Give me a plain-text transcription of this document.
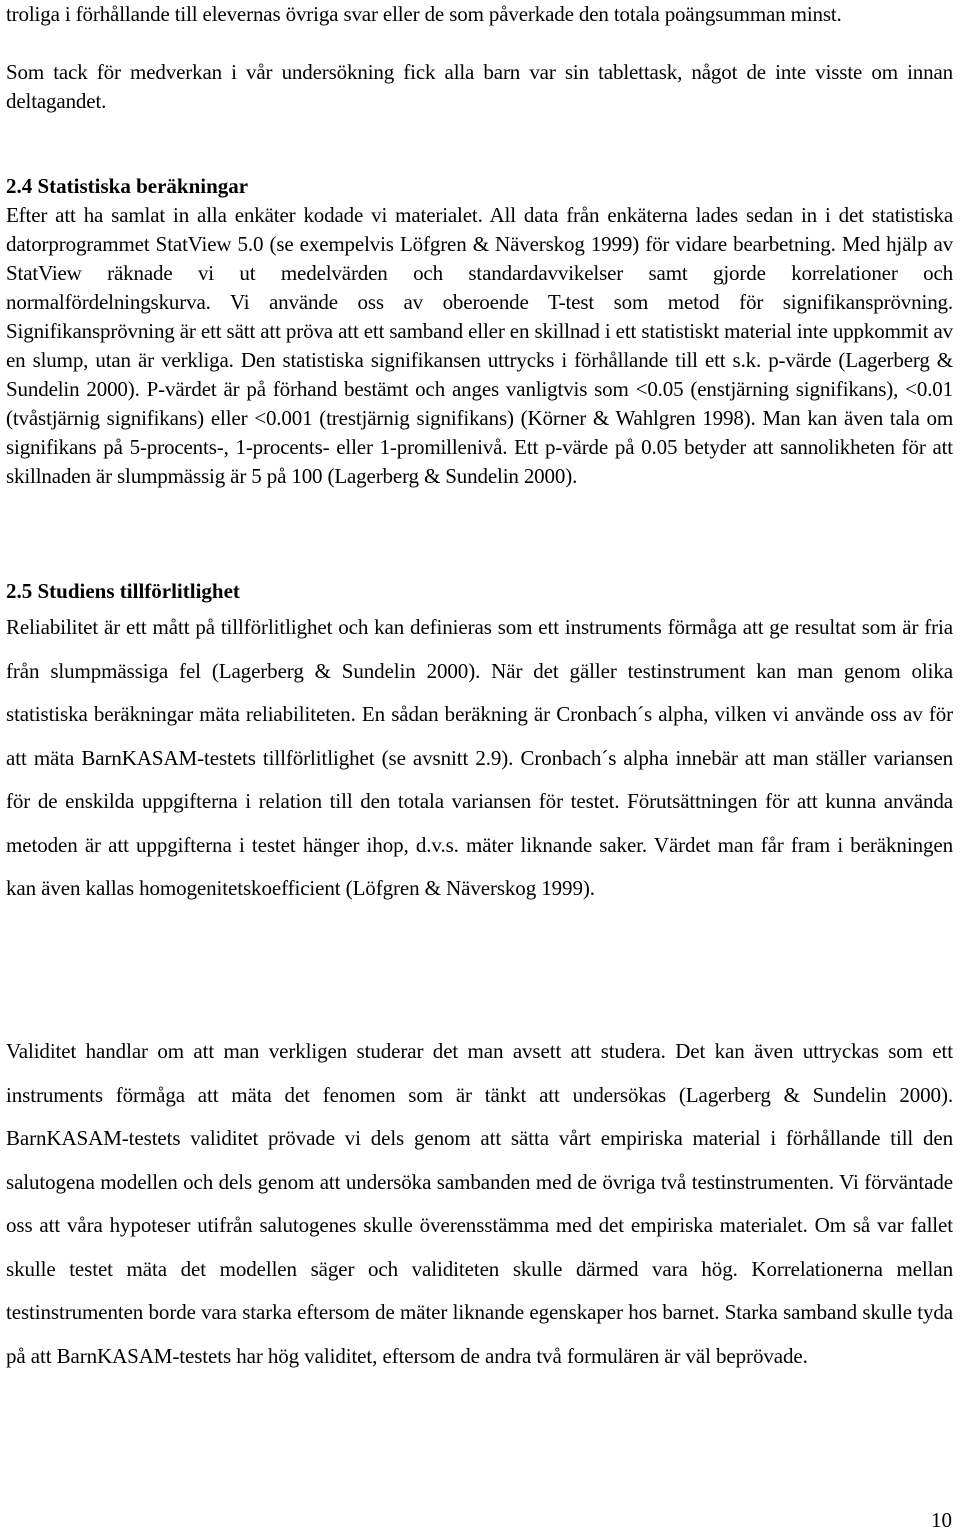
troliga i förhållande till elevernas övriga svar eller de som påverkade den totala poängsumman minst.

Som tack för medverkan i vår undersökning fick alla barn var sin tablettask, något de inte visste om innan deltagandet.

2.4 Statistiska beräkningar

Efter att ha samlat in alla enkäter kodade vi materialet. All data från enkäterna lades sedan in i det statistiska datorprogrammet StatView 5.0 (se exempelvis Löfgren & Näverskog 1999) för vidare bearbetning. Med hjälp av StatView räknade vi ut medelvärden och standardavvikelser samt gjorde korrelationer och normalfördelningskurva. Vi använde oss av oberoende T-test som metod för signifikansprövning. Signifikansprövning är ett sätt att pröva att ett samband eller en skillnad i ett statistiskt material inte uppkommit av en slump, utan är verkliga. Den statistiska signifikansen uttrycks i förhållande till ett s.k. p-värde (Lagerberg & Sundelin 2000). P-värdet är på förhand bestämt och anges vanligtvis som <0.05 (enstjärning signifikans), <0.01 (tvåstjärnig signifikans) eller <0.001 (trestjärnig signifikans) (Körner & Wahlgren 1998). Man kan även tala om signifikans på 5-procents-, 1-procents- eller 1-promillenivå. Ett p-värde på 0.05 betyder att sannolikheten för att skillnaden är slumpmässig är 5 på 100 (Lagerberg & Sundelin 2000).

2.5 Studiens tillförlitlighet

Reliabilitet är ett mått på tillförlitlighet och kan definieras som ett instruments förmåga att ge resultat som är fria från slumpmässiga fel (Lagerberg & Sundelin 2000). När det gäller testinstrument kan man genom olika statistiska beräkningar mäta reliabiliteten. En sådan beräkning är Cronbach´s alpha, vilken vi använde oss av för att mäta BarnKASAM-testets tillförlitlighet (se avsnitt 2.9). Cronbach´s alpha innebär att man ställer variansen för de enskilda uppgifterna i relation till den totala variansen för testet. Förutsättningen för att kunna använda metoden är att uppgifterna i testet hänger ihop, d.v.s. mäter liknande saker. Värdet man får fram i beräkningen kan även kallas homogenitetskoefficient (Löfgren & Näverskog 1999).

Validitet handlar om att man verkligen studerar det man avsett att studera. Det kan även uttryckas som ett instruments förmåga att mäta det fenomen som är tänkt att undersökas (Lagerberg & Sundelin 2000). BarnKASAM-testets validitet prövade vi dels genom att sätta vårt empiriska material i förhållande till den salutogena modellen och dels genom att undersöka sambanden med de övriga två testinstrumenten. Vi förväntade oss att våra hypoteser utifrån salutogenes skulle överensstämma med det empiriska materialet. Om så var fallet skulle testet mäta det modellen säger och validiteten skulle därmed vara hög. Korrelationerna mellan testinstrumenten borde vara starka eftersom de mäter liknande egenskaper hos barnet. Starka samband skulle tyda på att BarnKASAM-testets har hög validitet, eftersom de andra två formulären är väl beprövade.

10
